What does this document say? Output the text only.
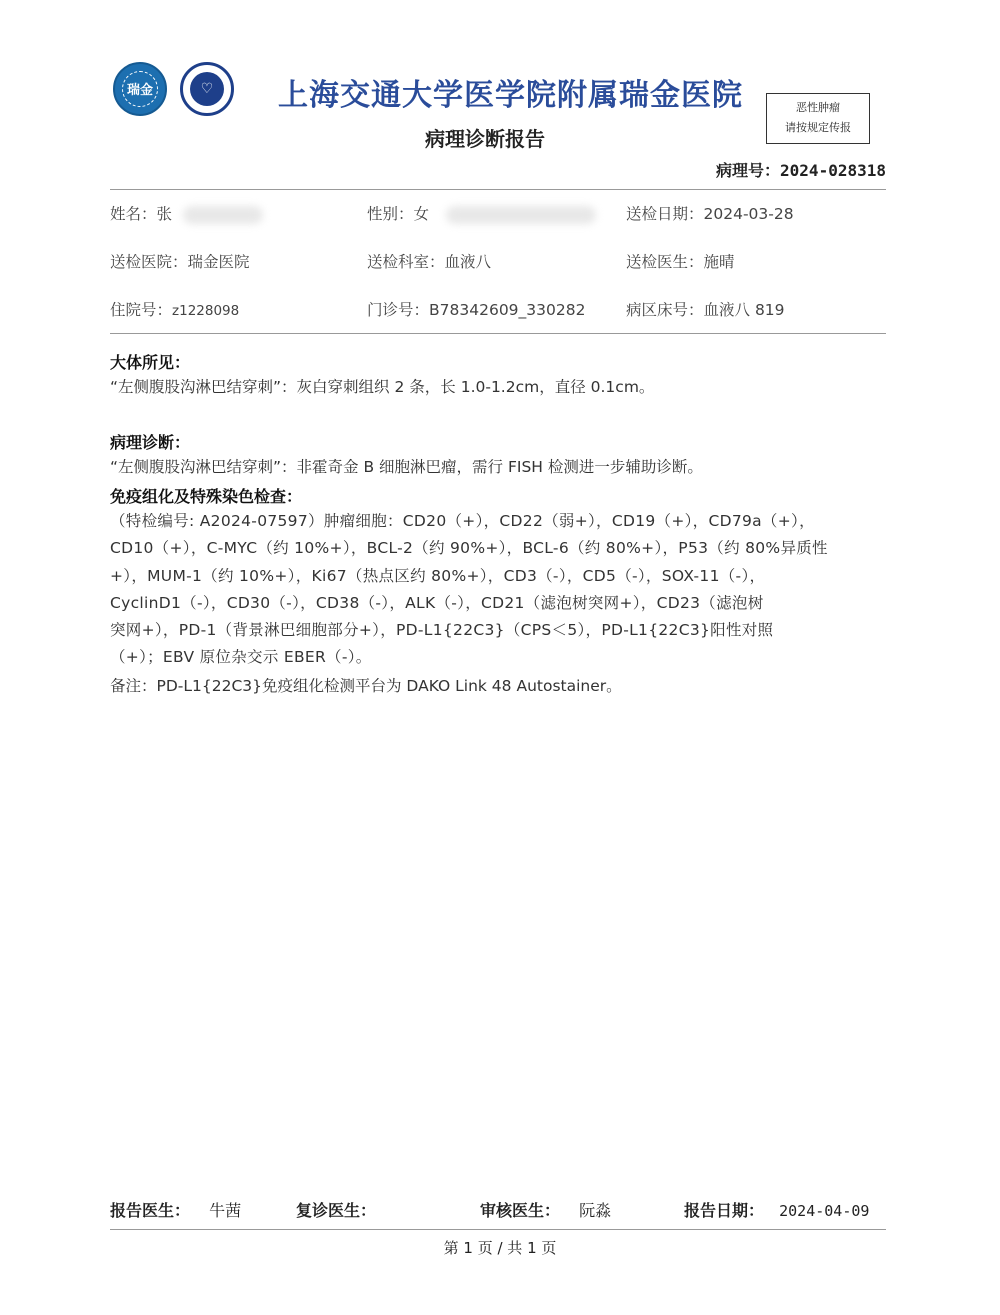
瑞金	♡	上海交通大学医学院附属瑞金医院
病理诊断报告
恶性肿瘤
请按规定传报
病理号：2024-028318
姓名：张	性别：女	送检日期：2024-03-28
送检医院：瑞金医院	送检科室：血液八	送检医生：施晴
住院号：z1228098	门诊号：B78342609_330282	病区床号：血液八 819
大体所见：
“左侧腹股沟淋巴结穿刺”：灰白穿刺组织 2 条，长 1.0-1.2cm，直径 0.1cm。
病理诊断：
“左侧腹股沟淋巴结穿刺”：非霍奇金 B 细胞淋巴瘤，需行 FISH 检测进一步辅助诊断。
免疫组化及特殊染色检查：
（特检编号: A2024-07597）肿瘤细胞：CD20（+），CD22（弱+），CD19（+），CD79a（+），
CD10（+），C-MYC（约 10%+），BCL-2（约 90%+），BCL-6（约 80%+），P53（约 80%异质性
+），MUM-1（约 10%+），Ki67（热点区约 80%+），CD3（-），CD5（-），SOX-11（-），
CyclinD1（-），CD30（-），CD38（-），ALK（-），CD21（滤泡树突网+），CD23（滤泡树
突网+），PD-1（背景淋巴细胞部分+），PD-L1{22C3}（CPS＜5），PD-L1{22C3}阳性对照
（+）；EBV 原位杂交示 EBER（-）。
备注：PD-L1{22C3}免疫组化检测平台为 DAKO Link 48 Autostainer。
报告医生： 牛茜	复诊医生：	审核医生： 阮淼	报告日期： 2024-04-09
第 1 页 / 共 1 页
